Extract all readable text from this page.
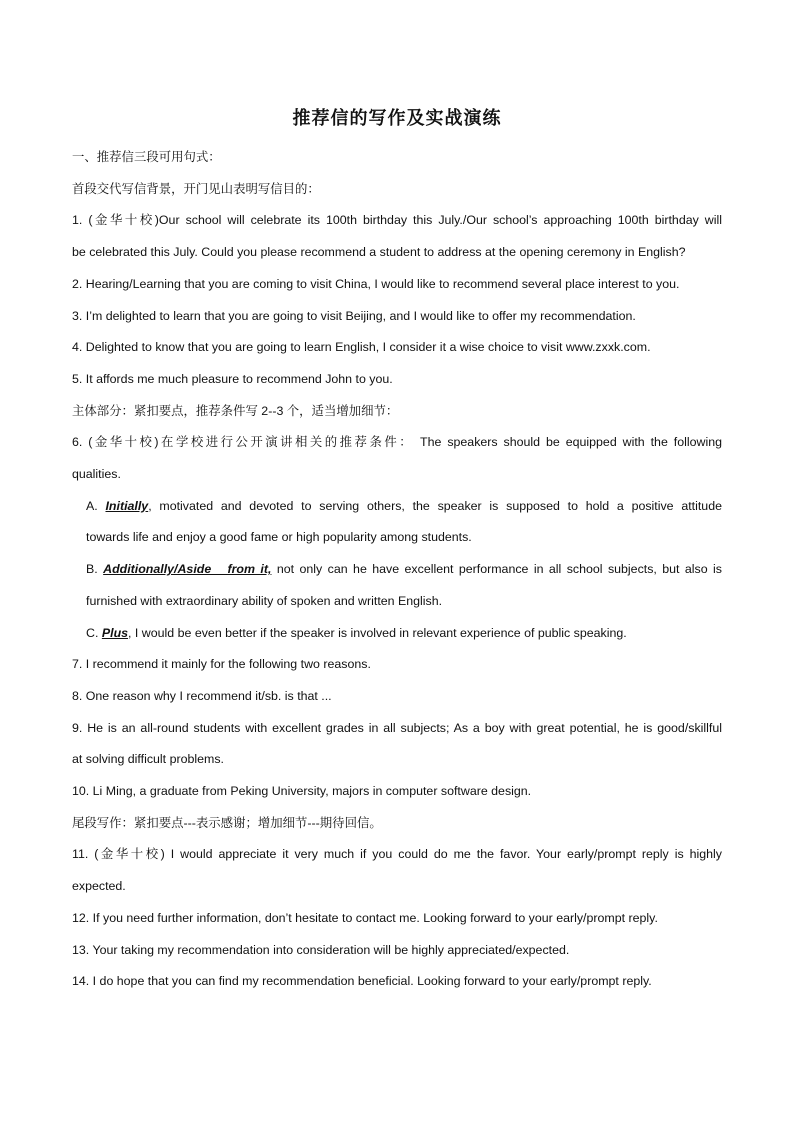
推荐信的写作及实战演练
一、推荐信三段可用句式：
首段交代写信背景，开门见山表明写信目的：
1. (金华十校)Our school will celebrate its 100th birthday this July./Our school’s approaching 100th birthday will
be celebrated this July. Could you please recommend a student to address at the opening ceremony in English?
2. Hearing/Learning that you are coming to visit China, I would like to recommend several place interest to you.
3. I’m delighted to learn that you are going to visit Beijing, and I would like to offer my recommendation.
4. Delighted to know that you are going to learn English, I consider it a wise choice to visit www.zxxk.com.
5. It affords me much pleasure to recommend John to you.
主体部分：紧扣要点，推荐条件写 2--3 个，适当增加细节：
6. (金华十校)在学校进行公开演讲相关的推荐条件： The speakers should be equipped with the following
qualities.
A. Initially, motivated and devoted to serving others, the speaker is supposed to hold a positive attitude
towards life and enjoy a good fame or high popularity among students.
B. Additionally/Aside   from it, not only can he have excellent performance in all school subjects, but also is
furnished with extraordinary ability of spoken and written English.
C. Plus, I would be even better if the speaker is involved in relevant experience of public speaking.
7. I recommend it mainly for the following two reasons.
8. One reason why I recommend it/sb. is that ...
9. He is an all-round students with excellent grades in all subjects; As a boy with great potential, he is good/skillful
at solving difficult problems.
10. Li Ming, a graduate from Peking University, majors in computer software design.
尾段写作：紧扣要点---表示感谢；增加细节---期待回信。
11. (金华十校) I would appreciate it very much if you could do me the favor. Your early/prompt reply is highly
expected.
12. If you need further information, don’t hesitate to contact me. Looking forward to your early/prompt reply.
13. Your taking my recommendation into consideration will be highly appreciated/expected.
14. I do hope that you can find my recommendation beneficial. Looking forward to your early/prompt reply.
